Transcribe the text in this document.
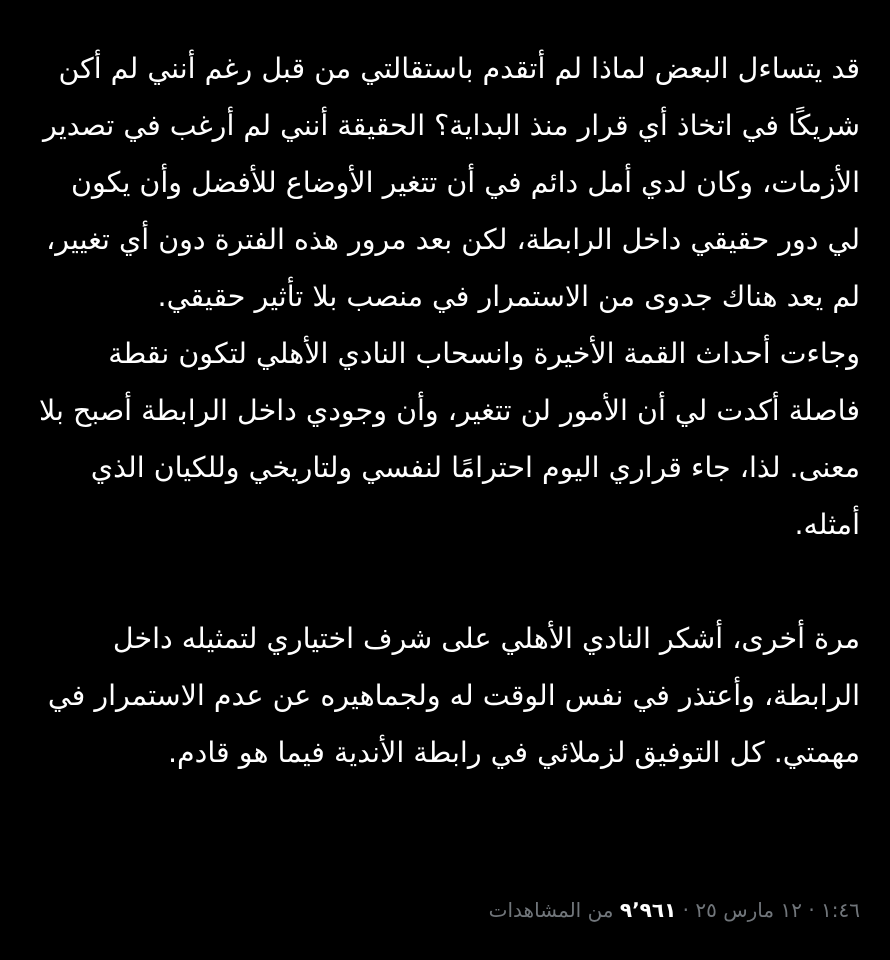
قد يتساءل البعض لماذا لم أتقدم باستقالتي من قبل رغم أنني لم أكن شريكًا في اتخاذ أي قرار منذ البداية؟ الحقيقة أنني لم أرغب في تصدير الأزمات، وكان لدي أمل دائم في أن تتغير الأوضاع للأفضل وأن يكون لي دور حقيقي داخل الرابطة، لكن بعد مرور هذه الفترة دون أي تغيير، لم يعد هناك جدوى من الاستمرار في منصب بلا تأثير حقيقي.

وجاءت أحداث القمة الأخيرة وانسحاب النادي الأهلي لتكون نقطة فاصلة أكدت لي أن الأمور لن تتغير، وأن وجودي داخل الرابطة أصبح بلا معنى. لذا، جاء قراري اليوم احترامًا لنفسي ولتاريخي وللكيان الذي أمثله.

مرة أخرى، أشكر النادي الأهلي على شرف اختياري لتمثيله داخل الرابطة، وأعتذر في نفس الوقت له ولجماهيره عن عدم الاستمرار في مهمتي. كل التوفيق لزملائي في رابطة الأندية فيما هو قادم.

١:٤٦ · ١٢ مارس ٢٥ · ٩٬٩٦١ من المشاهدات
